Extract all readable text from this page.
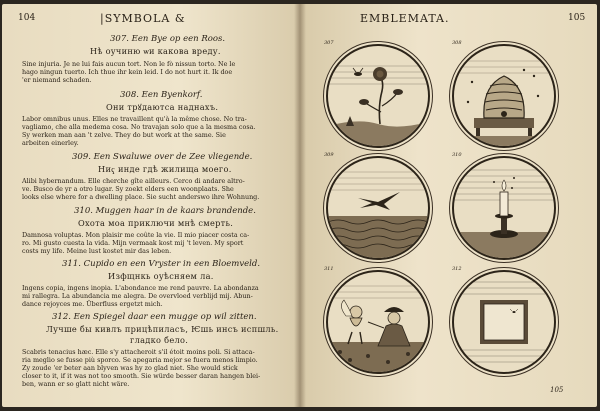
104	|SYMBOLA &
307. Een Bye op een Roos.
Нѣ оучиню ѡи какова вреду.
Sine injuria. Je ne lui fais aucun tort. Non le fò nissun torto. Ne le
hago ningun tuerto. Ich thue ihr kein leid. I do not hurt it. Ik doe
'er niemand schaden.
308. Een Byenkorf.
Они трꙋдаютса наднахъ.
Labor omnibus unus. Elles ne travaillent qu'à la même chose. No tra-
vagliamo, che alla medema cosa. No travajan solo que a la mesma cosa.
Sy werken man aan 't zelve. They do but work at the same. Sie
arbeiten einerley.
309. Een Swaluwe over de Zee vliegende.
Ниҁ инде гдѣ жилища моего.
Alibi hybernandum. Elle cherche gîte ailleurs. Cerco di andare altro-
ve. Busco de yr a otro lugar. Sy zoekt elders een woonplaats. She
looks else where for a dwelling place. Sie sucht anderswo ihre Wohnung.
310. Muggen haar in de kaars brandende.
Охота моа приключи мнѣ смерть.
Damnosa voluptas. Mon plaisir me coûte la vie. Il mio piacer costa ca-
ro. Mi gusto cuesta la vida. Mijn vermaak kost mij 't leven. My sport
costs my life. Meine lust kostet mir das leben.
311. Cupido en een Vryster in een Bloemveld.
Изфщнкь оуѣсняем ла.
Ingens copia, ingens inopia. L'abondance me rend pauvre. La abondanza
mi rallegra. La abundancia me alegra. De overvloed verblijd mij. Abun-
dance rejoyces me. Überfluss ergetzt mich.
312. Een Spiegel daar een mugge op wil zitten.
Лучше бы кивлъ прицѣпиласъ, Ѥшь инсъ испшль.
гладко бело.
Scabris tenacius hæc. Elle s'y attacheroit s'il étoit moins poli. Si attaca-
ria meglio se fusse più sporco. Se apegaria mejor se fuera menos limpio.
Zy zoude 'er beter aan blyven was hy zo glad niet. She would stick
closer to it, if it was not too smooth. Sie würde besser daran hangen blei-
ben, wann er so glatt nicht wäre.
EMBLEMATA.	105
307	308
309	310
311	312
105
